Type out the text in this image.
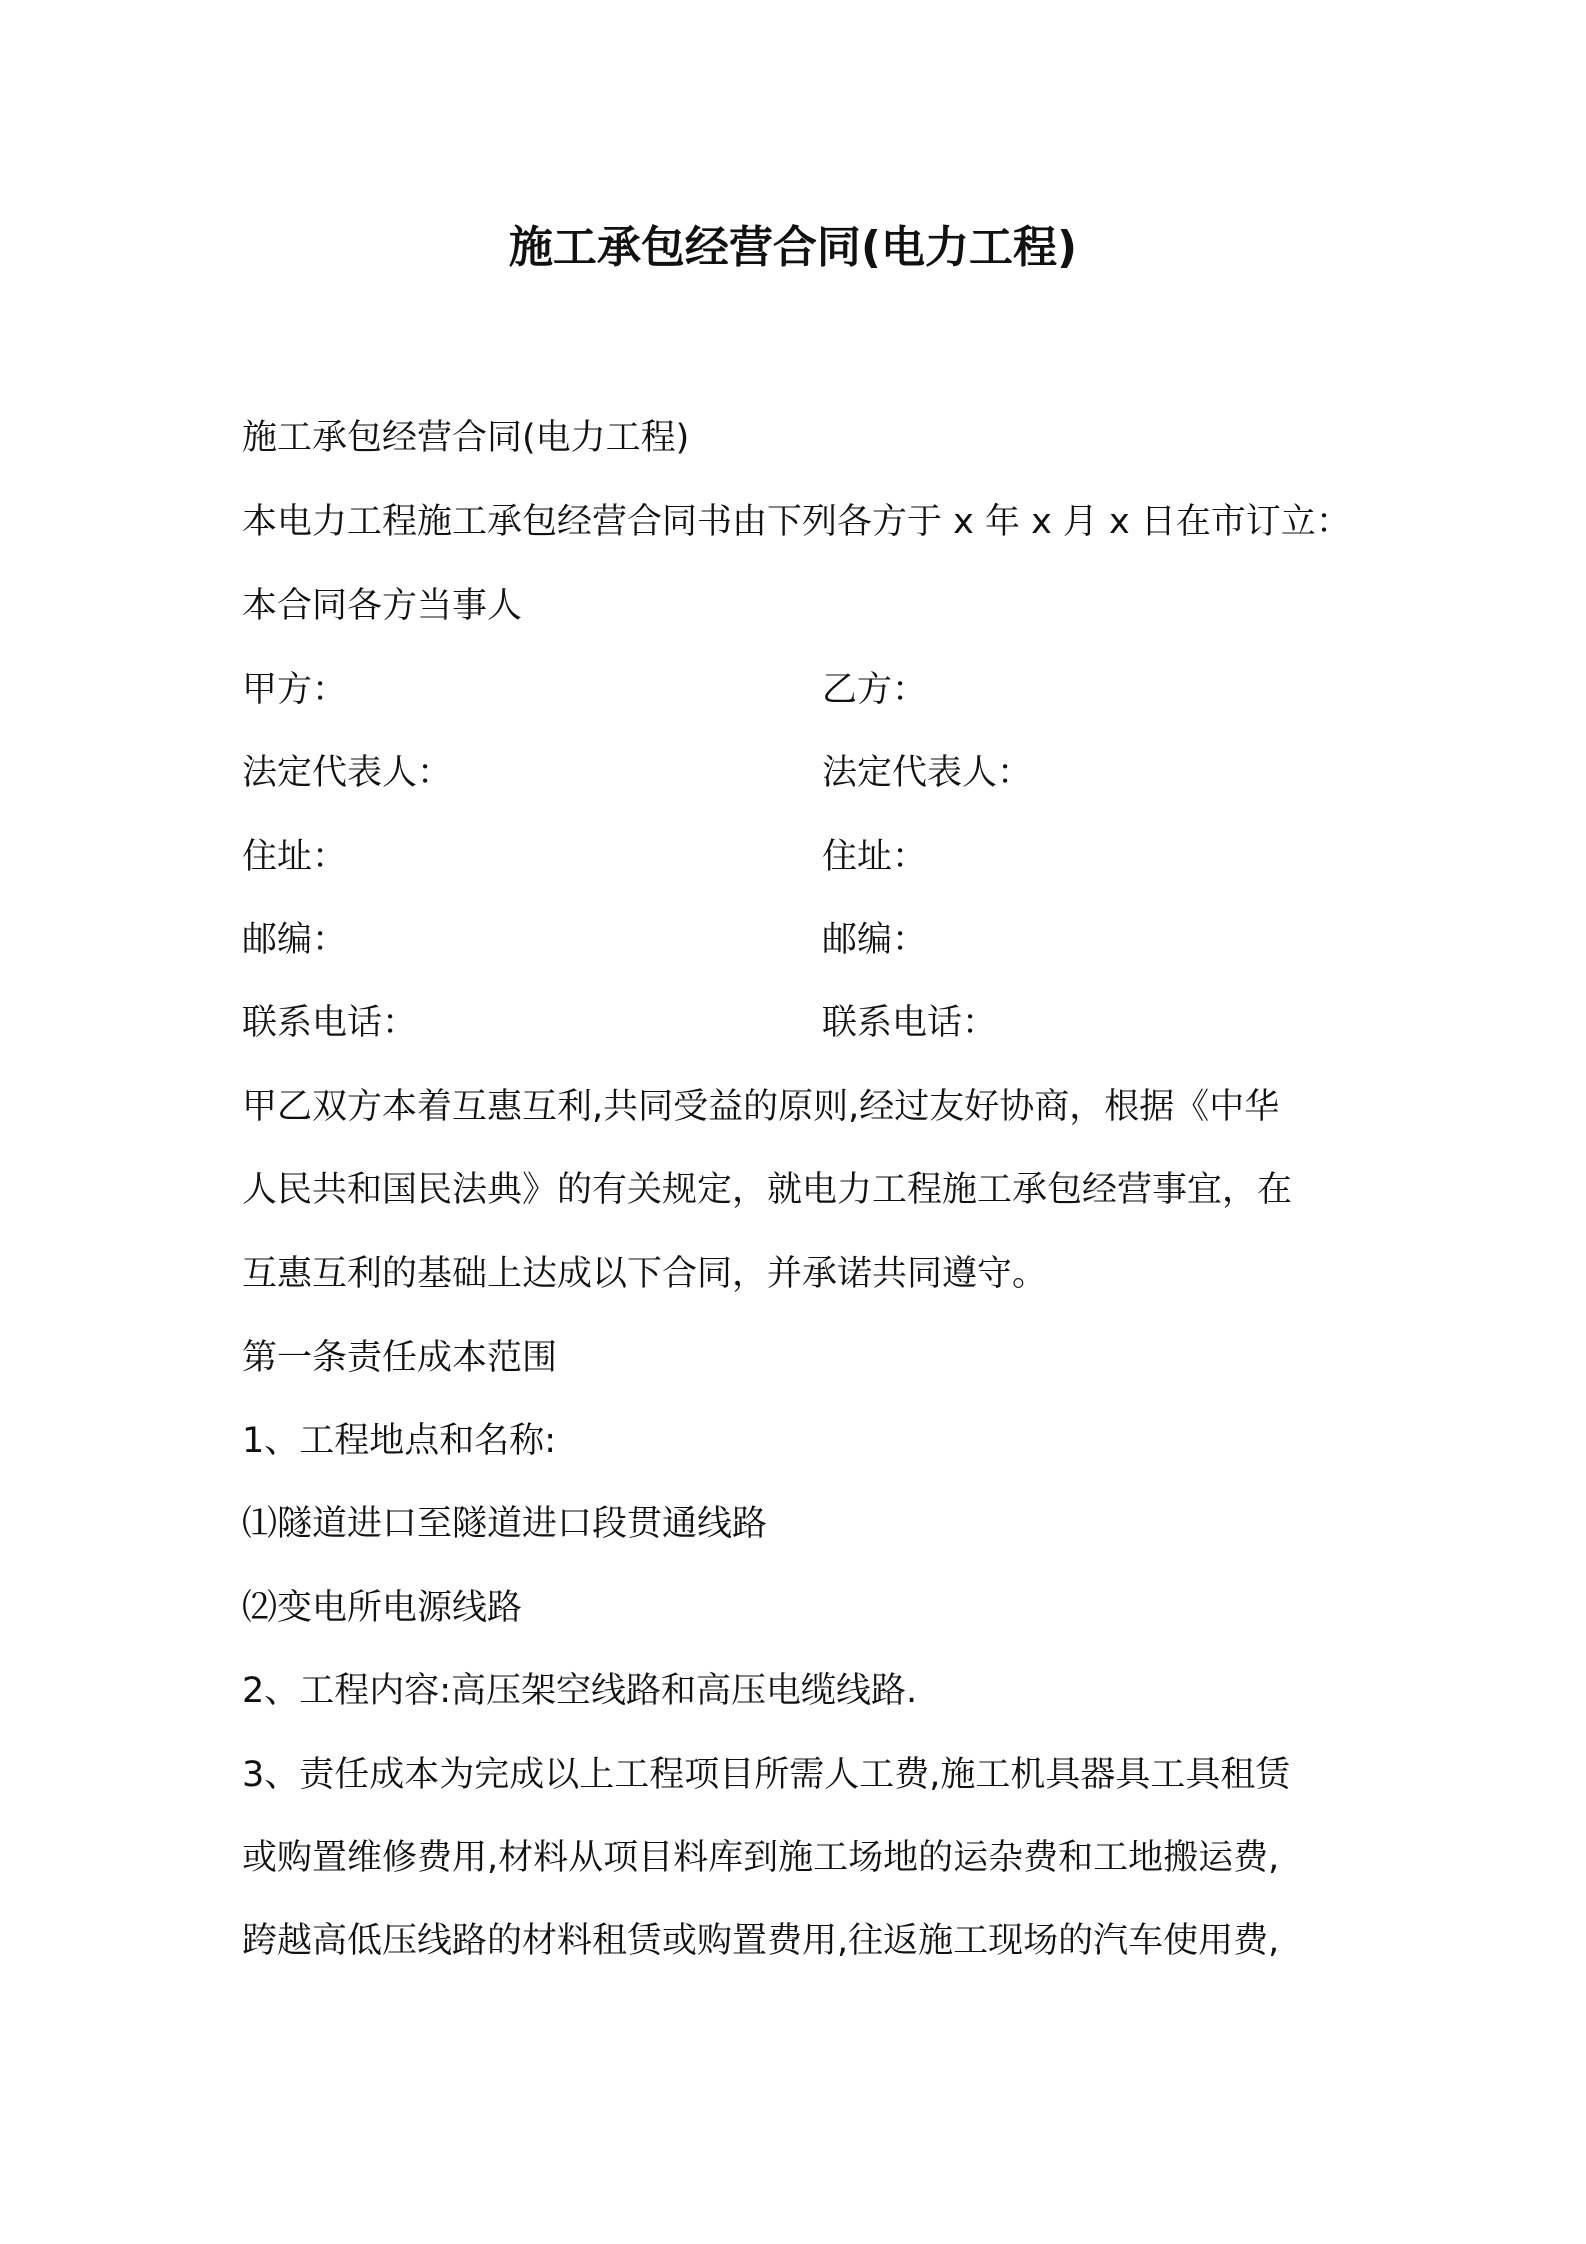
施工承包经营合同(电力工程)
施工承包经营合同(电力工程)
本电力工程施工承包经营合同书由下列各方于 x 年 x 月 x 日在市订立：
本合同各方当事人
甲方：	乙方：
法定代表人：	法定代表人：
住址：	住址：
邮编：	邮编：
联系电话：	联系电话：
甲乙双方本着互惠互利,共同受益的原则,经过友好协商，根据《中华
人民共和国民法典》的有关规定，就电力工程施工承包经营事宜，在
互惠互利的基础上达成以下合同，并承诺共同遵守。
第一条责任成本范围
1、工程地点和名称:
⑴隧道进口至隧道进口段贯通线路
⑵变电所电源线路
2、工程内容:高压架空线路和高压电缆线路.
3、责任成本为完成以上工程项目所需人工费,施工机具器具工具租赁
或购置维修费用,材料从项目料库到施工场地的运杂费和工地搬运费,
跨越高低压线路的材料租赁或购置费用,往返施工现场的汽车使用费,
